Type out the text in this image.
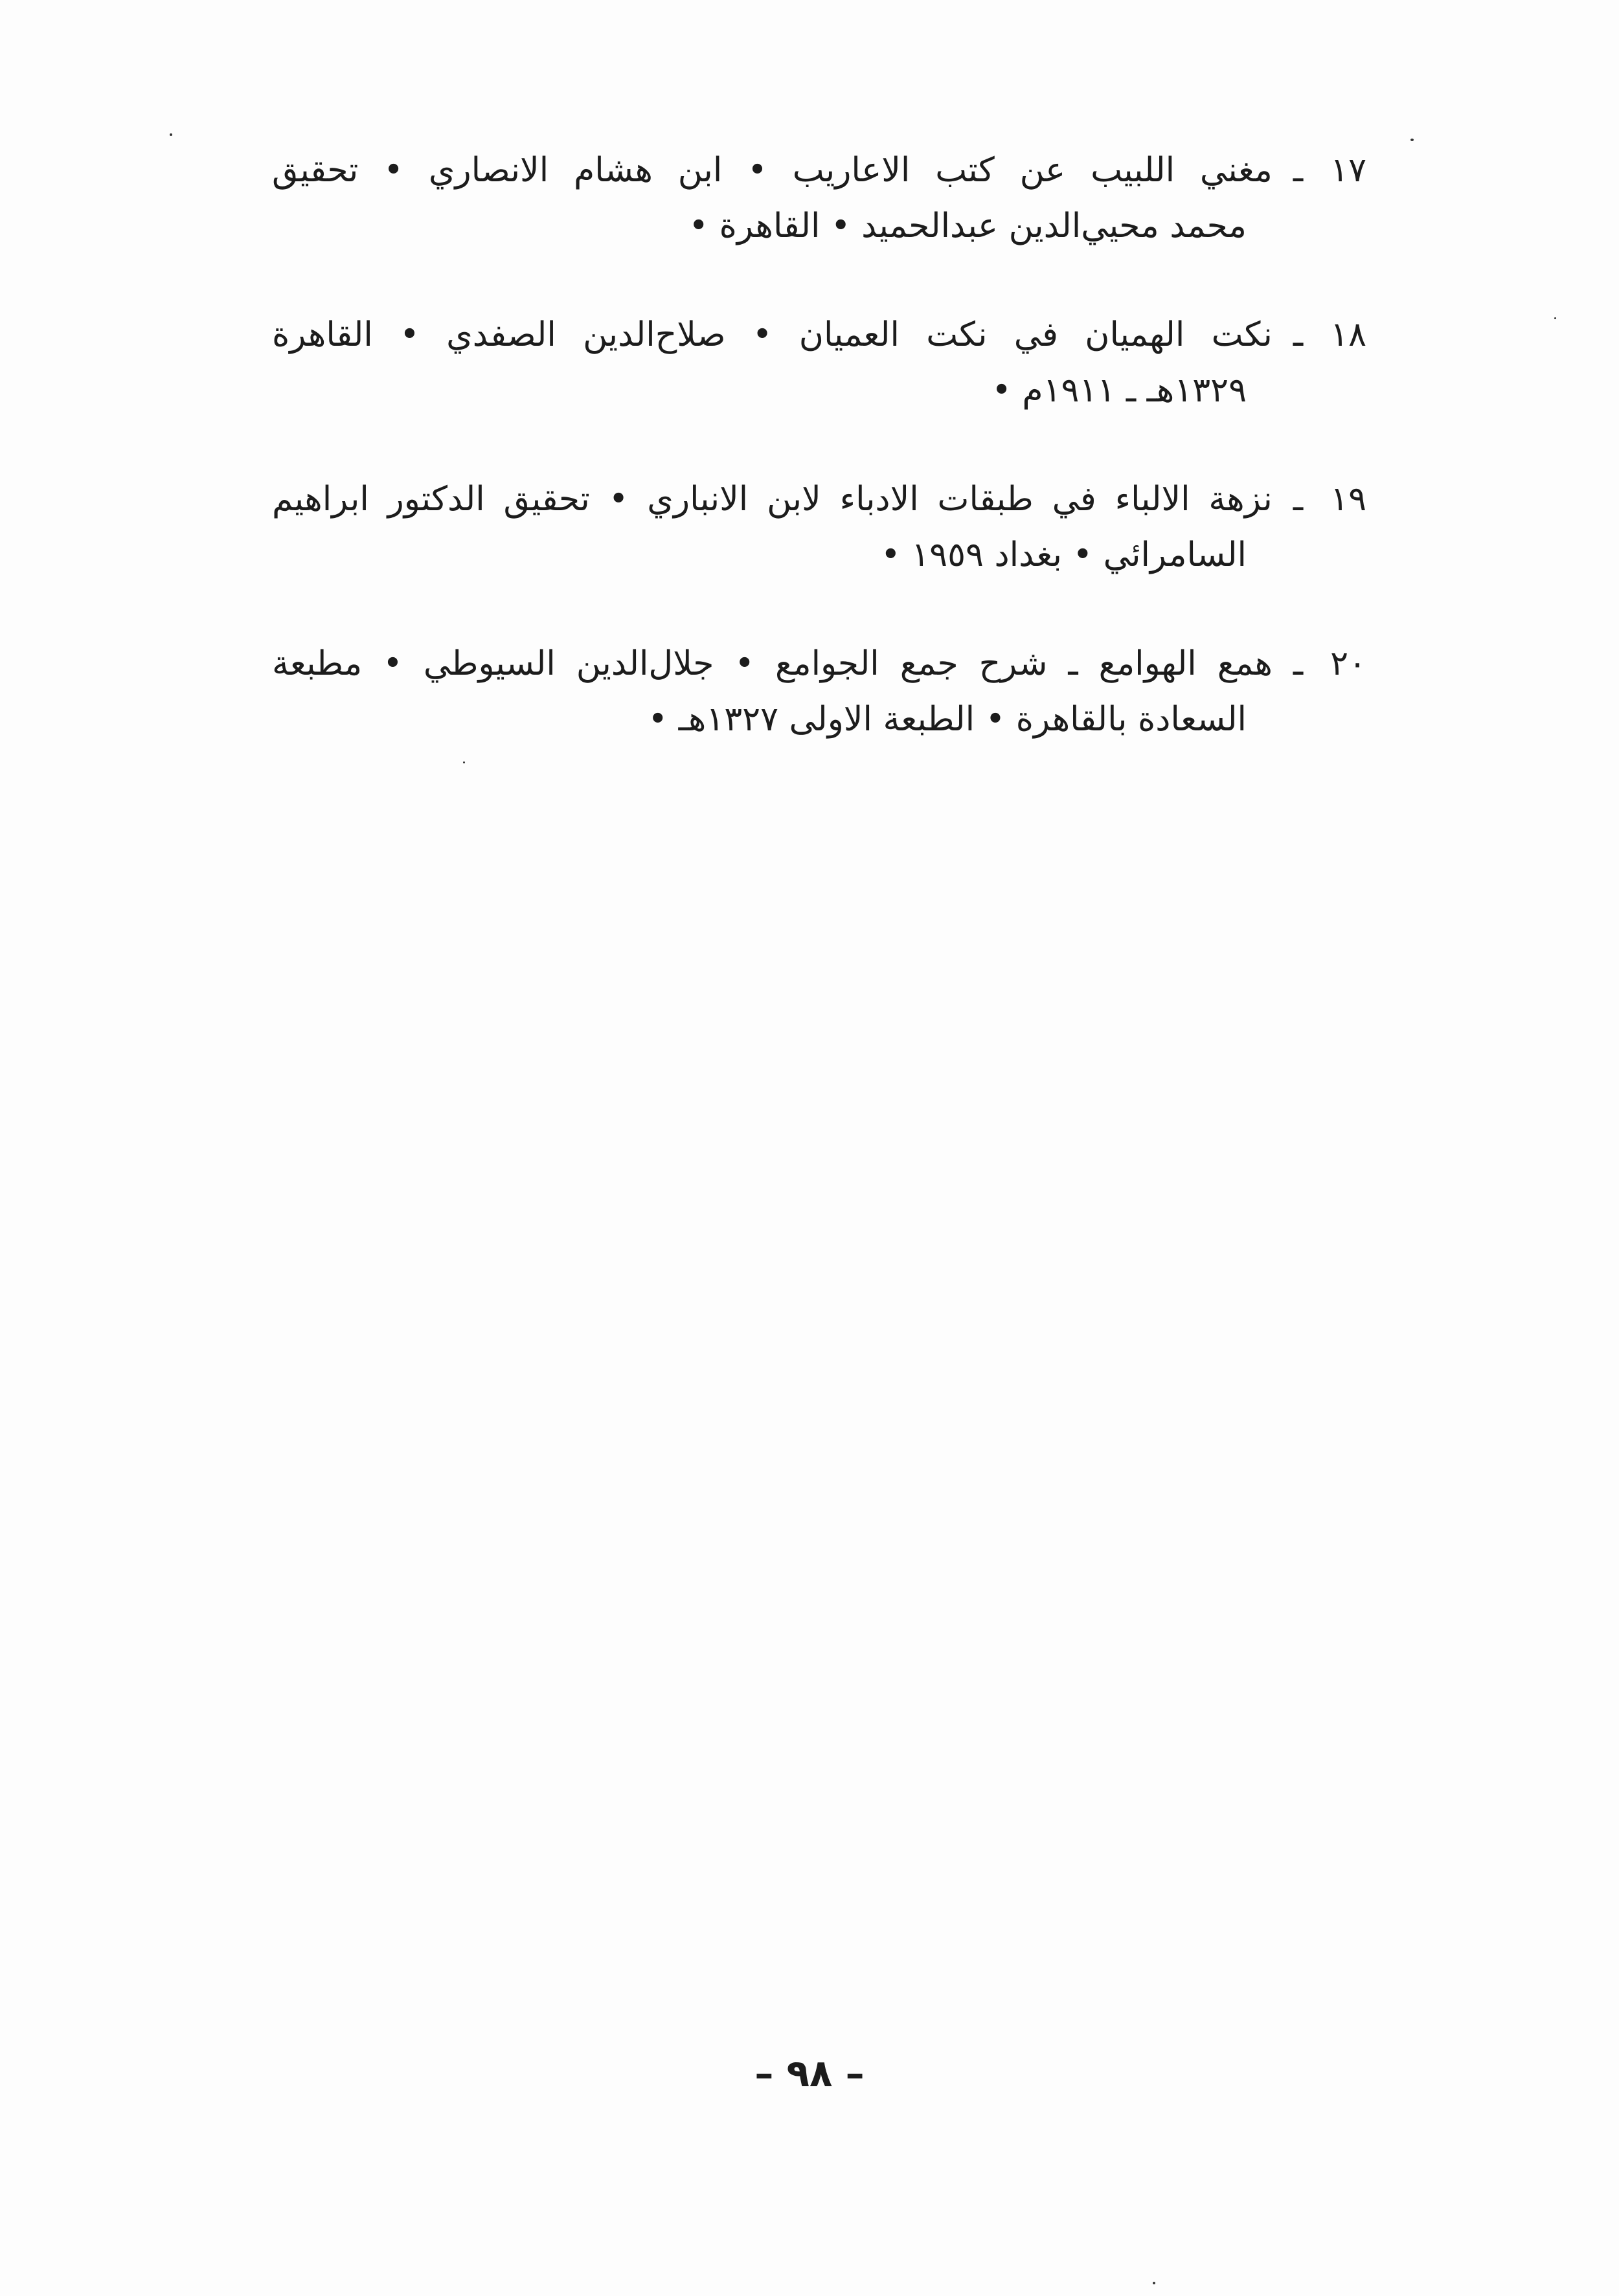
١٧ـمغني اللبيب عن كتب الاعاريب • ابن هشام الانصاري • تحقيق
محمد محيي‌الدين عبدالحميد • القاهرة •
١٨ـنكت الهميان في نكت العميان • صلاح‌الدين الصفدي • القاهرة
١٣٢٩هـ ـ ١٩١١م •
١٩ـنزهة الالباء في طبقات الادباء لابن الانباري • تحقيق الدكتور ابراهيم
السامرائي • بغداد ١٩٥٩ •
٢٠ـهمع الهوامع ـ شرح جمع الجوامع • جلال‌الدين السيوطي • مطبعة
السعادة بالقاهرة • الطبعة الاولى ١٣٢٧هـ •
– ٩٨ –
